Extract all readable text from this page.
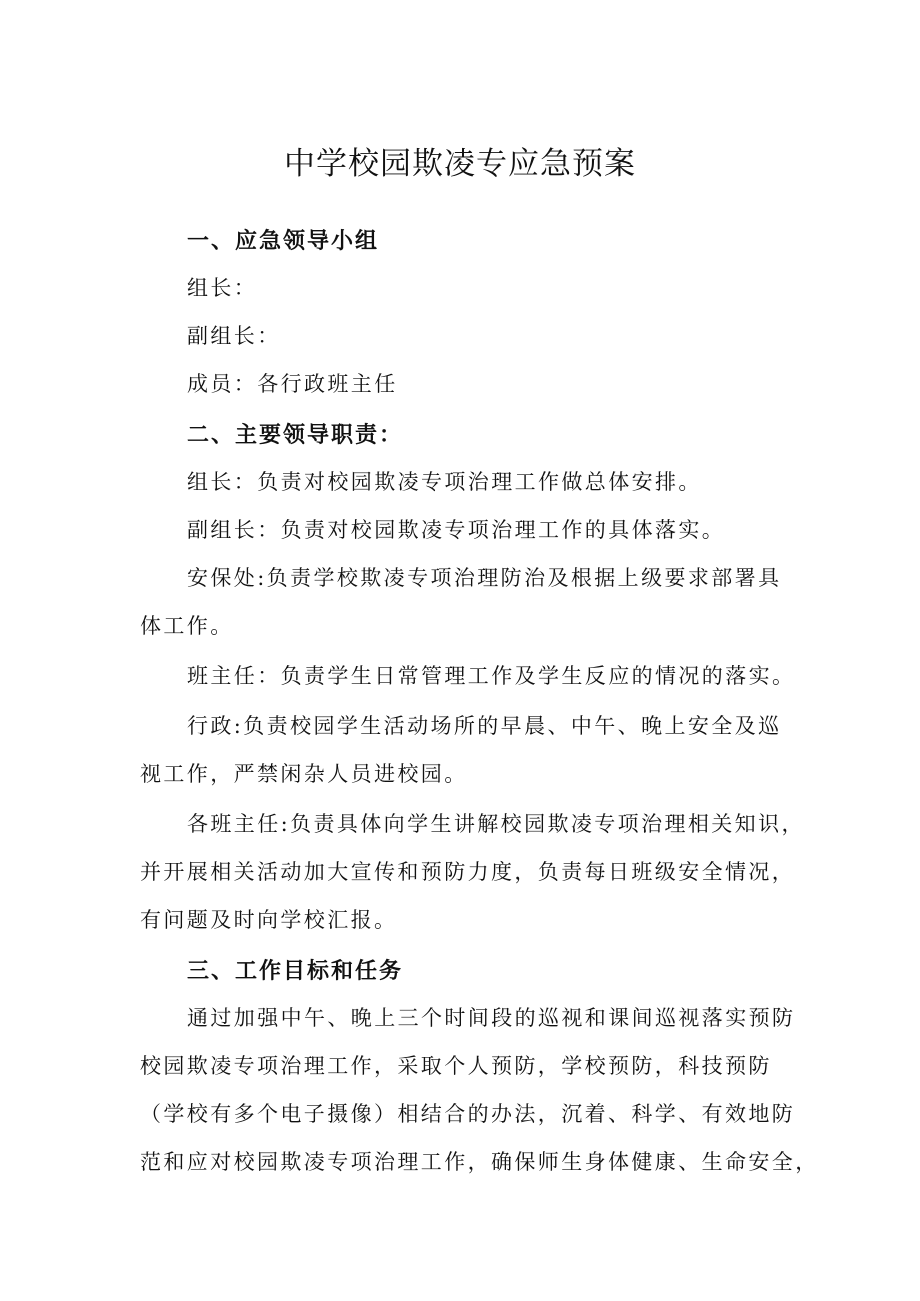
中学校园欺凌专应急预案
一、应急领导小组

组长：

副组长：

成员：各行政班主任

二、主要领导职责：

组长：负责对校园欺凌专项治理工作做总体安排。

副组长：负责对校园欺凌专项治理工作的具体落实。

安保处:负责学校欺凌专项治理防治及根据上级要求部署具

体工作。

班主任：负责学生日常管理工作及学生反应的情况的落实。

行政:负责校园学生活动场所的早晨、中午、晚上安全及巡

视工作，严禁闲杂人员进校园。

各班主任:负责具体向学生讲解校园欺凌专项治理相关知识，

并开展相关活动加大宣传和预防力度，负责每日班级安全情况，

有问题及时向学校汇报。

三、工作目标和任务

通过加强中午、晚上三个时间段的巡视和课间巡视落实预防

校园欺凌专项治理工作，采取个人预防，学校预防，科技预防

（学校有多个电子摄像）相结合的办法，沉着、科学、有效地防

范和应对校园欺凌专项治理工作，确保师生身体健康、生命安全，
